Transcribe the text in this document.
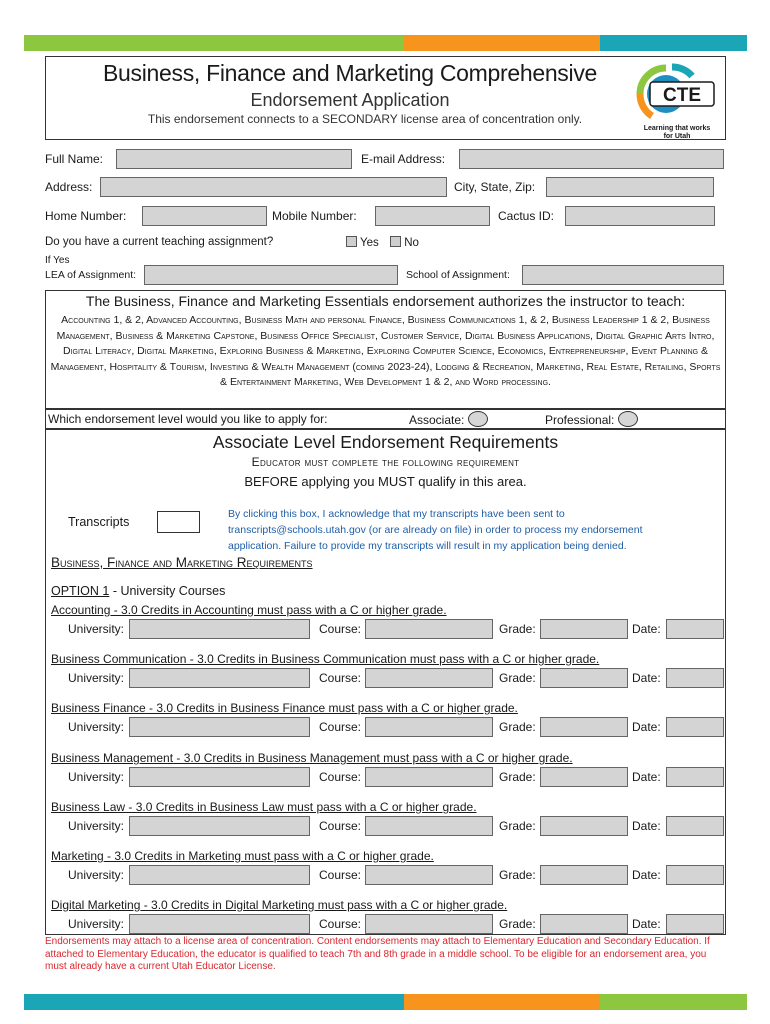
Business, Finance and Marketing Comprehensive
Endorsement Application
This endorsement connects to a SECONDARY license area of concentration only.
CTE
Learning that works
for Utah
Full Name:	E-mail Address:
Address:	City, State, Zip:
Home Number:	Mobile Number:	Cactus ID:
Do you have a current teaching assignment?	Yes	No
If Yes
LEA of Assignment:	School of Assignment:
The Business, Finance and Marketing Essentials endorsement authorizes the instructor to teach:
Accounting 1, & 2, Advanced Accounting, Business Math and personal Finance, Business Communications 1, & 2, Business Leadership 1 & 2, Business Management, Business & Marketing Capstone, Business Office Specialist, Customer Service, Digital Business Applications, Digital Graphic Arts Intro, Digital Literacy, Digital Marketing, Exploring Business & Marketing, Exploring Computer Science, Economics, Entrepreneurship, Event Planning & Management, Hospitality & Tourism, Investing & Wealth Management (coming 2023-24), Lodging & Recreation, Marketing, Real Estate, Retailing, Sports & Entertainment Marketing, Web Development 1 & 2, and Word processing.
Which endorsement level would you like to apply for:	Associate:	Professional:
Associate Level Endorsement Requirements
Educator must complete the following requirement
BEFORE applying you MUST qualify in this area.
Transcripts
By clicking this box, I acknowledge that my transcripts have been sent to
transcripts@schools.utah.gov (or are already on file) in order to process my endorsement
application. Failure to provide my transcripts will result in my application being denied.
Business, Finance and Marketing Requirements
OPTION 1 - University Courses
Accounting - 3.0 Credits in Accounting must pass with a C or higher grade.
University:	Course:	Grade:	Date:
Business Communication - 3.0 Credits in Business Communication must pass with a C or higher grade.
University:	Course:	Grade:	Date:
Business Finance - 3.0 Credits in Business Finance must pass with a C or higher grade.
University:	Course:	Grade:	Date:
Business Management - 3.0 Credits in Business Management must pass with a C or higher grade.
University:	Course:	Grade:	Date:
Business Law - 3.0 Credits in Business Law must pass with a C or higher grade.
University:	Course:	Grade:	Date:
Marketing - 3.0 Credits in Marketing must pass with a C or higher grade.
University:	Course:	Grade:	Date:
Digital Marketing - 3.0 Credits in Digital Marketing must pass with a C or higher grade.
University:	Course:	Grade:	Date:
Endorsements may attach to a license area of concentration. Content endorsements may attach to Elementary Education and Secondary Education. If attached to Elementary Education, the educator is qualified to teach 7th and 8th grade in a middle school. To be eligible for an endorsement area, you must already have a current Utah Educator License.
